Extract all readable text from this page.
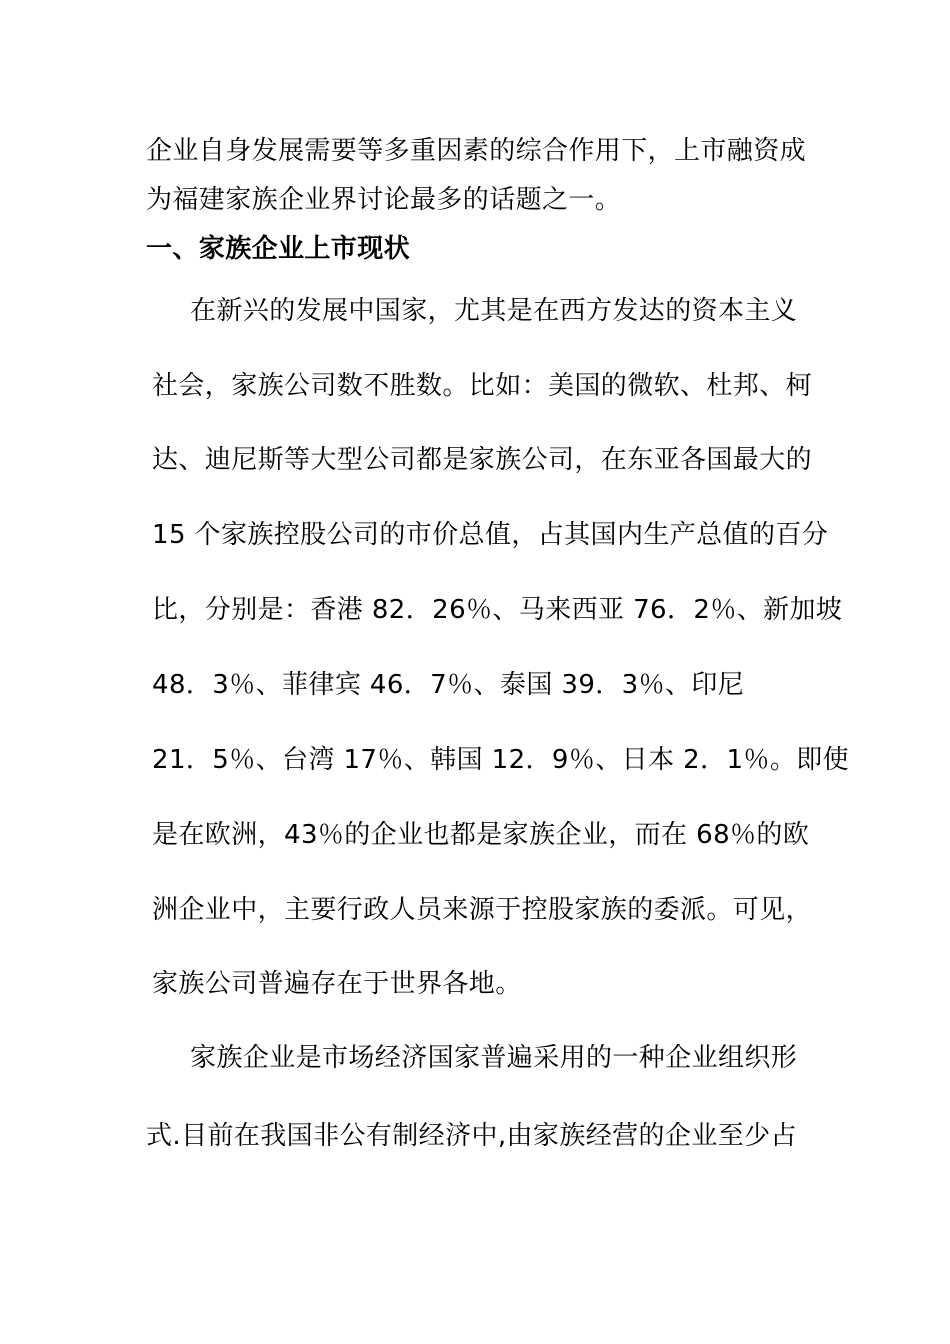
企业自身发展需要等多重因素的综合作用下，上市融资成
为福建家族企业界讨论最多的话题之一。
一、家族企业上市现状
在新兴的发展中国家，尤其是在西方发达的资本主义
社会，家族公司数不胜数。比如：美国的微软、杜邦、柯
达、迪尼斯等大型公司都是家族公司，在东亚各国最大的
15 个家族控股公司的市价总值，占其国内生产总值的百分
比，分别是：香港 82．26％、马来西亚 76．2％、新加坡
48．3％、菲律宾 46．7％、泰国 39．3％、印尼
21．5％、台湾 17％、韩国 12．9％、日本 2．1％。即使
是在欧洲，43％的企业也都是家族企业，而在 68％的欧
洲企业中，主要行政人员来源于控股家族的委派。可见，
家族公司普遍存在于世界各地。
家族企业是市场经济国家普遍采用的一种企业组织形
式.目前在我国非公有制经济中,由家族经营的企业至少占
